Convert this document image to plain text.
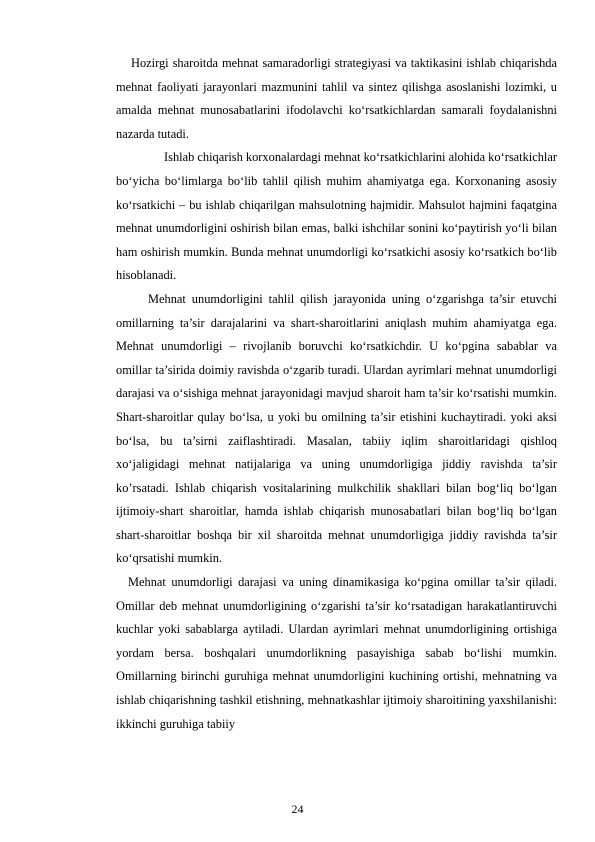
Hozirgi sharoitda mehnat samaradorligi strategiyasi va taktikasini ishlab chiqarishda mehnat faoliyati jarayonlari mazmunini tahlil va sintez qilishga asoslanishi lozimki, u amalda mehnat munosabatlarini ifodolavchi ko‘rsatkichlardan samarali foydalanishni nazarda tutadi.

Ishlab chiqarish korxonalardagi mehnat ko‘rsatkichlarini alohida ko‘rsatkichlar bo‘yicha bo‘limlarga bo‘lib tahlil qilish muhim ahamiyatga ega. Korxonaning asosiy ko‘rsatkichi – bu ishlab chiqarilgan mahsulotning hajmidir. Mahsulot hajmini faqatgina mehnat unumdorligini oshirish bilan emas, balki ishchilar sonini ko‘paytirish yo‘li bilan ham oshirish mumkin. Bunda mehnat unumdorligi ko‘rsatkichi asosiy ko‘rsatkich bo‘lib hisoblanadi.

Mehnat unumdorligini tahlil qilish jarayonida uning o‘zgarishga ta’sir etuvchi omillarning ta’sir darajalarini va shart-sharoitlarini aniqlash muhim ahamiyatga ega. Mehnat unumdorligi – rivojlanib boruvchi ko‘rsatkichdir. U ko‘pgina sabablar va omillar ta’sirida doimiy ravishda o‘zgarib turadi. Ulardan ayrimlari mehnat unumdorligi darajasi va o‘sishiga mehnat jarayonidagi mavjud sharoit ham ta’sir ko‘rsatishi mumkin. Shart-sharoitlar qulay bo‘lsa, u yoki bu omilning ta’sir etishini kuchaytiradi. yoki aksi bo‘lsa, bu ta’sirni zaiflashtiradi. Masalan, tabiiy iqlim sharoitlaridagi qishloq xo‘jaligidagi mehnat natijalariga va uning unumdorligiga jiddiy ravishda ta’sir ko’rsatadi. Ishlab chiqarish vositalarining mulkchilik shakllari bilan bog‘liq bo‘lgan ijtimoiy-shart sharoitlar, hamda ishlab chiqarish munosabatlari bilan bog‘liq bo‘lgan shart-sharoitlar boshqa bir xil sharoitda mehnat unumdorligiga jiddiy ravishda ta’sir ko‘qrsatishi mumkin.

Mehnat unumdorligi darajasi va uning dinamikasiga ko‘pgina omillar ta’sir qiladi. Omillar deb mehnat unumdorligining o‘zgarishi ta’sir ko‘rsatadigan harakatlantiruvchi kuchlar yoki sabablarga aytiladi. Ulardan ayrimlari mehnat unumdorligining ortishiga yordam bersa. boshqalari unumdorlikning pasayishiga sabab bo‘lishi mumkin. Omillarning birinchi guruhiga mehnat unumdorligini kuchining ortishi, mehnatning va ishlab chiqarishning tashkil etishning, mehnatkashlar ijtimoiy sharoitining yaxshilanishi: ikkinchi guruhiga tabiiy

24
